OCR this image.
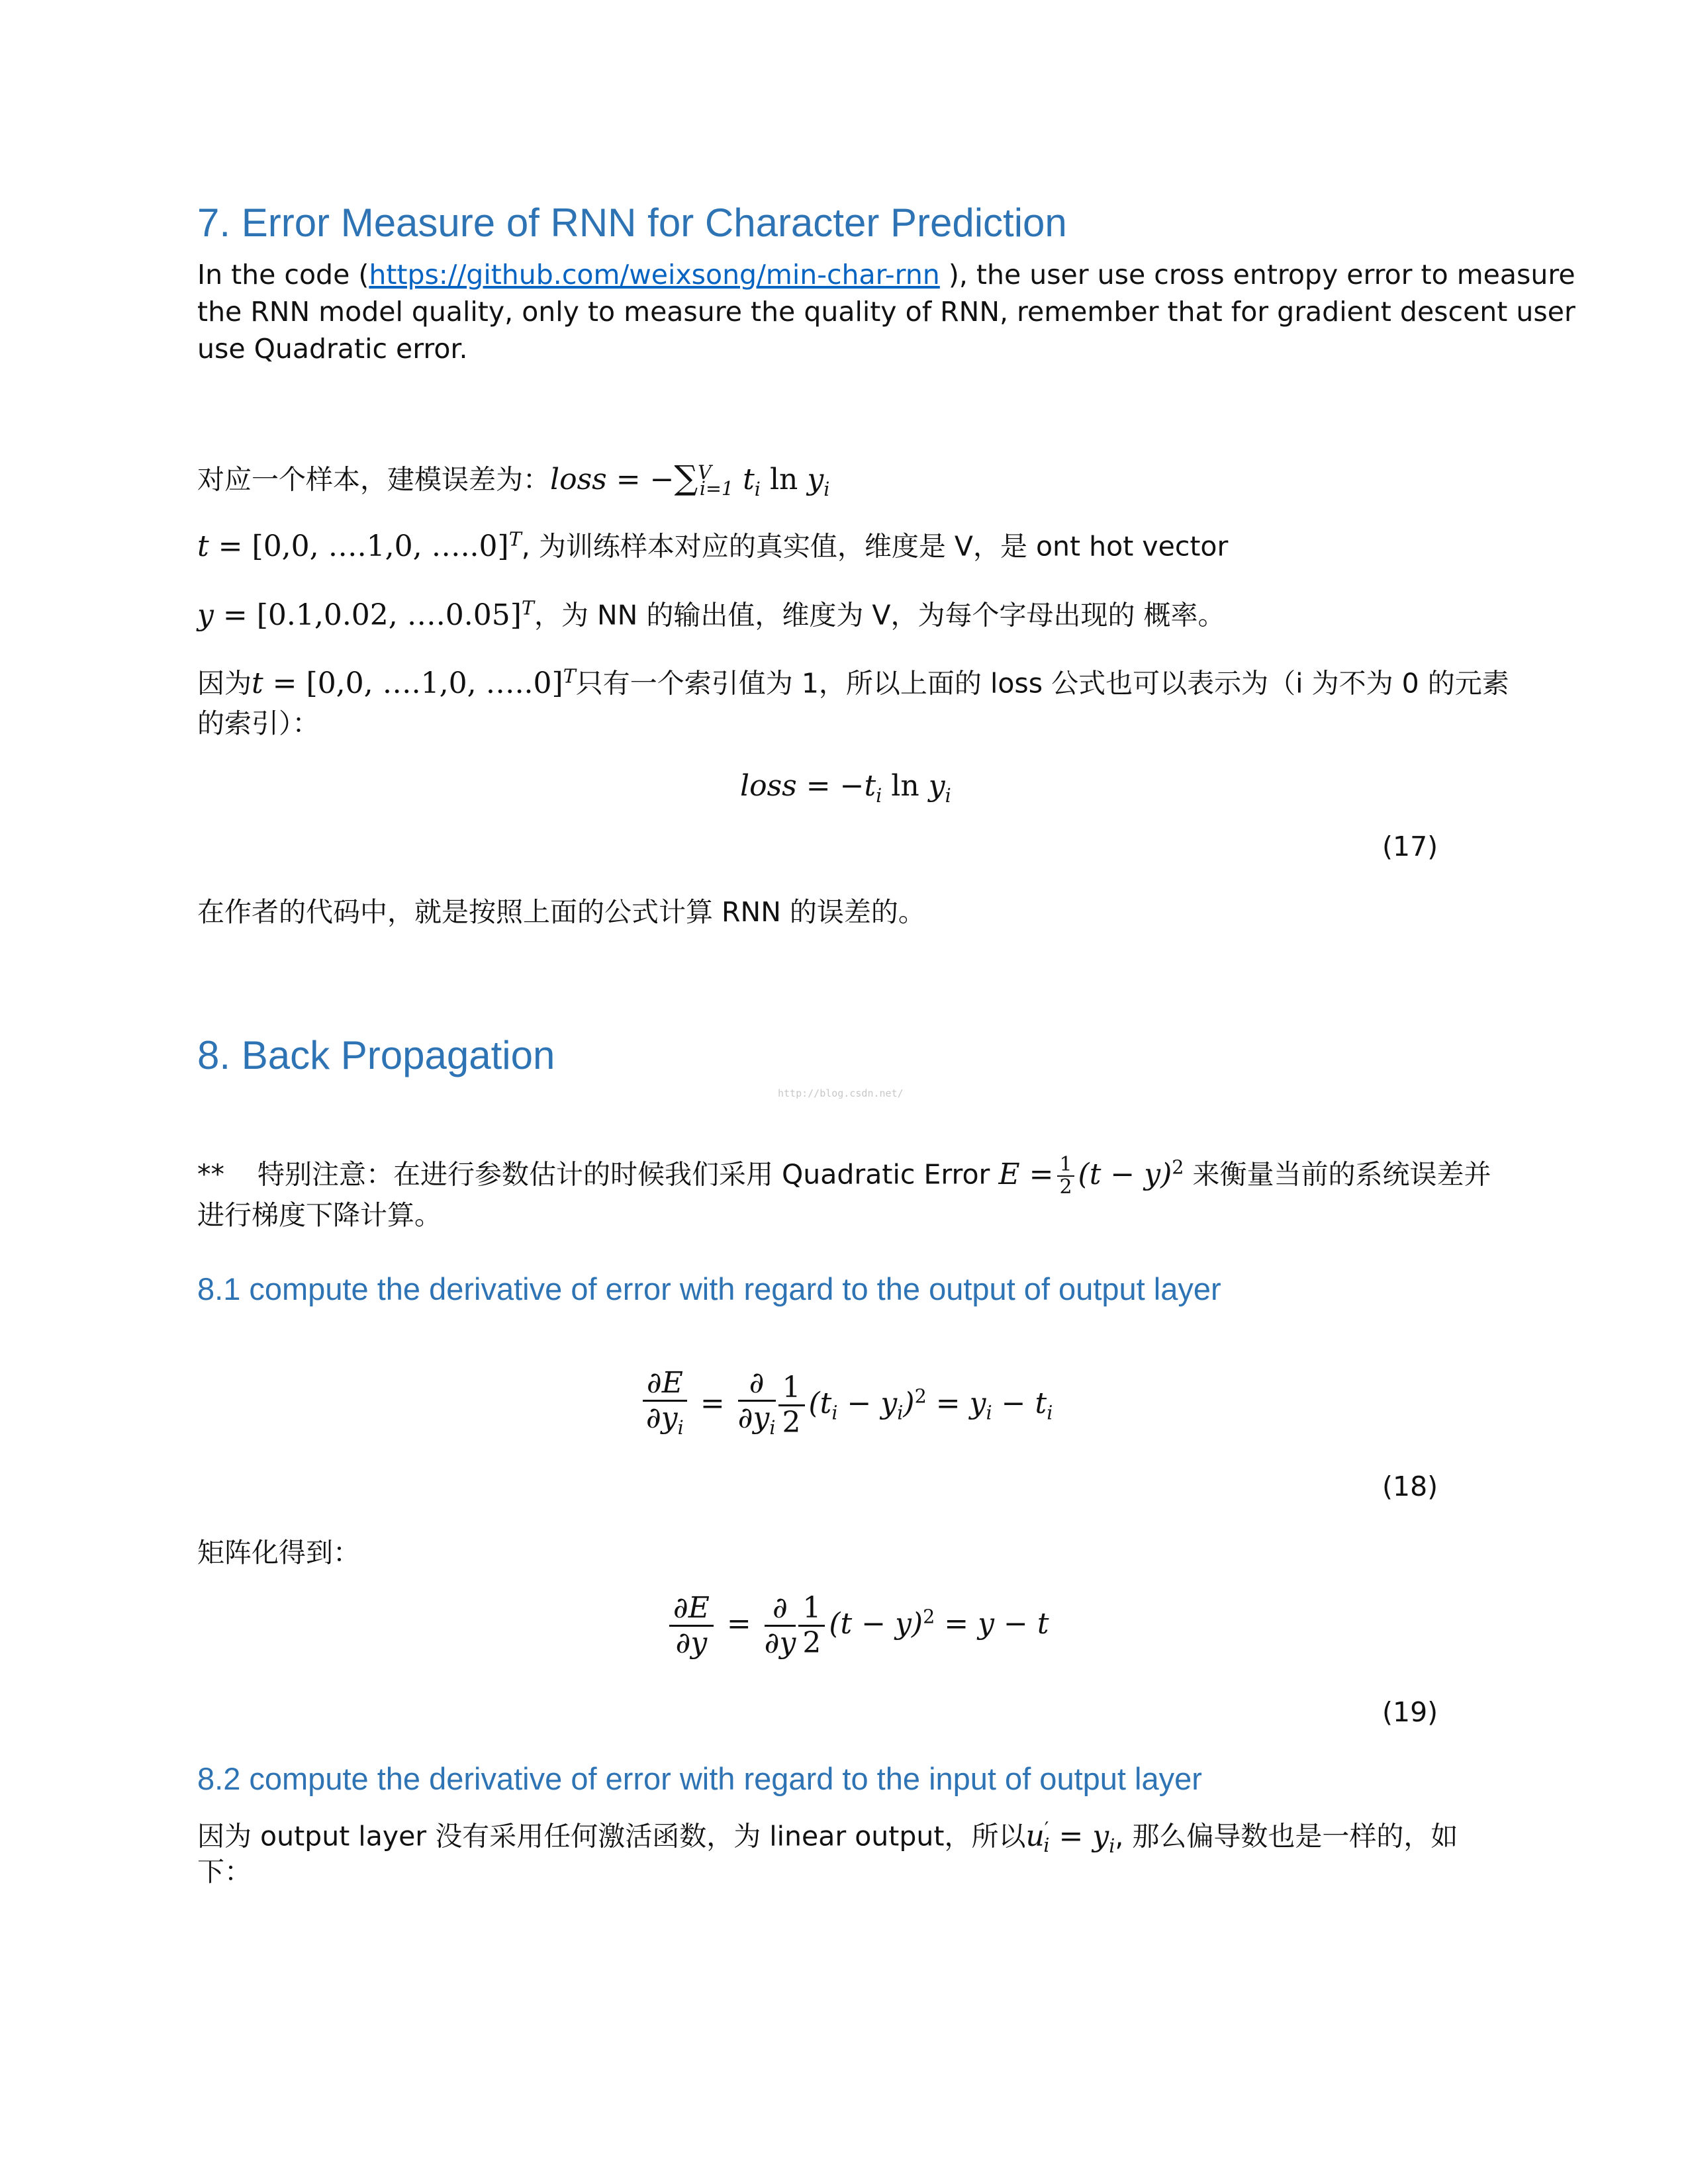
7. Error Measure of RNN for Character Prediction
In the code (https://github.com/weixsong/min-char-rnn ), the user use cross entropy error to measure
the RNN model quality, only to measure the quality of RNN, remember that for gradient descent user
use Quadratic error.
对应一个样本，建模误差为：loss = −∑$^V_{i=1}$ $t_i$ $\ln y_i$
t = [0,0, ….1,0, …..0]$^T$, 为训练样本对应的真实值，维度是 V，是 ont hot vector
y = [0.1,0.02, ….0.05]$^T$，为 NN 的输出值，维度为 V，为每个字母出现的 概率。
因为t = [0,0, ….1,0, …..0]$^T$只有一个索引值为 1，所以上面的 loss 公式也可以表示为（i 为不为 0 的元素
的索引）：
loss = $-t_i$ $\ln y_i$
(17)
在作者的代码中，就是按照上面的公式计算 RNN 的误差的。
8. Back Propagation
http://blog.csdn.net/
** 特别注意：在进行参数估计的时候我们采用 Quadratic Error $E = \frac{1}{2} (t - y)^2$ 来衡量当前的系统误差并
进行梯度下降计算。
8.1 compute the derivative of error with regard to the output of output layer
$\frac{\partial E}{\partial y_i} = \frac{\partial}{\partial y_i} \frac{1}{2} (t_i - y_i)^2 = y_i - t_i$
(18)
矩阵化得到：
$\frac{\partial E}{\partial y} = \frac{\partial}{\partial y} \frac{1}{2} (t - y)^2 = y - t$
(19)
8.2 compute the derivative of error with regard to the input of output layer
因为 output layer 没有采用任何激活函数，为 linear output，所以$u'_i = y_i$, 那么偏导数也是一样的，如
下：
